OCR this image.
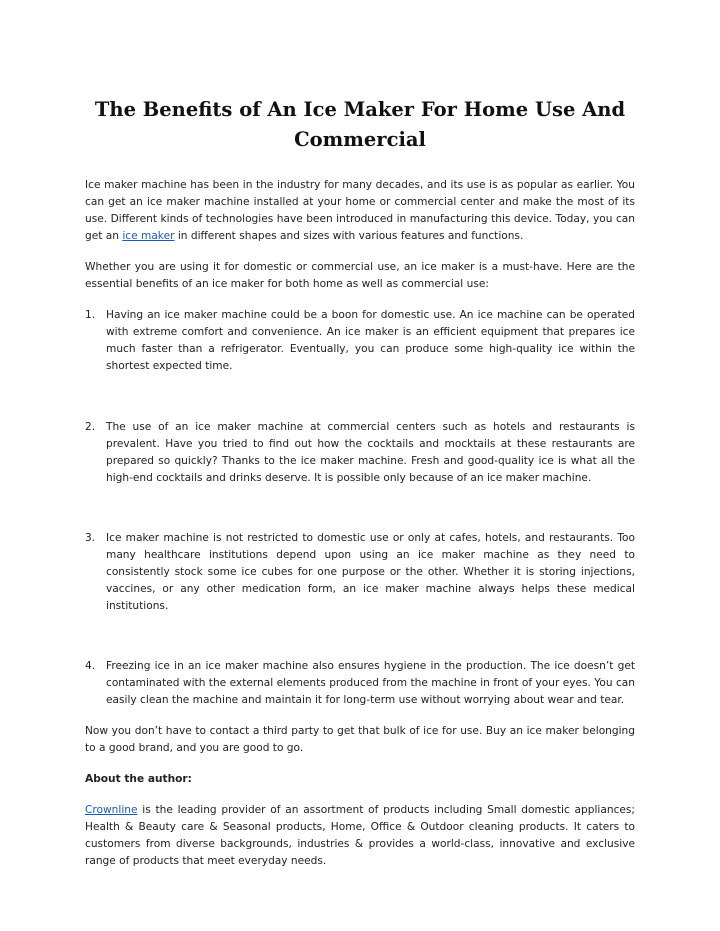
The Benefits of An Ice Maker For Home Use And Commercial

Ice maker machine has been in the industry for many decades, and its use is as popular as earlier. You can get an ice maker machine installed at your home or commercial center and make the most of its use. Different kinds of technologies have been introduced in manufacturing this device. Today, you can get an ice maker in different shapes and sizes with various features and functions.

Whether you are using it for domestic or commercial use, an ice maker is a must-have. Here are the essential benefits of an ice maker for both home as well as commercial use:

1. Having an ice maker machine could be a boon for domestic use. An ice machine can be operated with extreme comfort and convenience. An ice maker is an efficient equipment that prepares ice much faster than a refrigerator. Eventually, you can produce some high-quality ice within the shortest expected time.
2. The use of an ice maker machine at commercial centers such as hotels and restaurants is prevalent. Have you tried to find out how the cocktails and mocktails at these restaurants are prepared so quickly? Thanks to the ice maker machine. Fresh and good-quality ice is what all the high-end cocktails and drinks deserve. It is possible only because of an ice maker machine.
3. Ice maker machine is not restricted to domestic use or only at cafes, hotels, and restaurants. Too many healthcare institutions depend upon using an ice maker machine as they need to consistently stock some ice cubes for one purpose or the other. Whether it is storing injections, vaccines, or any other medication form, an ice maker machine always helps these medical institutions.
4. Freezing ice in an ice maker machine also ensures hygiene in the production. The ice doesn’t get contaminated with the external elements produced from the machine in front of your eyes. You can easily clean the machine and maintain it for long-term use without worrying about wear and tear.

Now you don’t have to contact a third party to get that bulk of ice for use. Buy an ice maker belonging to a good brand, and you are good to go.

About the author:

Crownline is the leading provider of an assortment of products including Small domestic appliances; Health & Beauty care & Seasonal products, Home, Office & Outdoor cleaning products. It caters to customers from diverse backgrounds, industries & provides a world-class, innovative and exclusive range of products that meet everyday needs.
